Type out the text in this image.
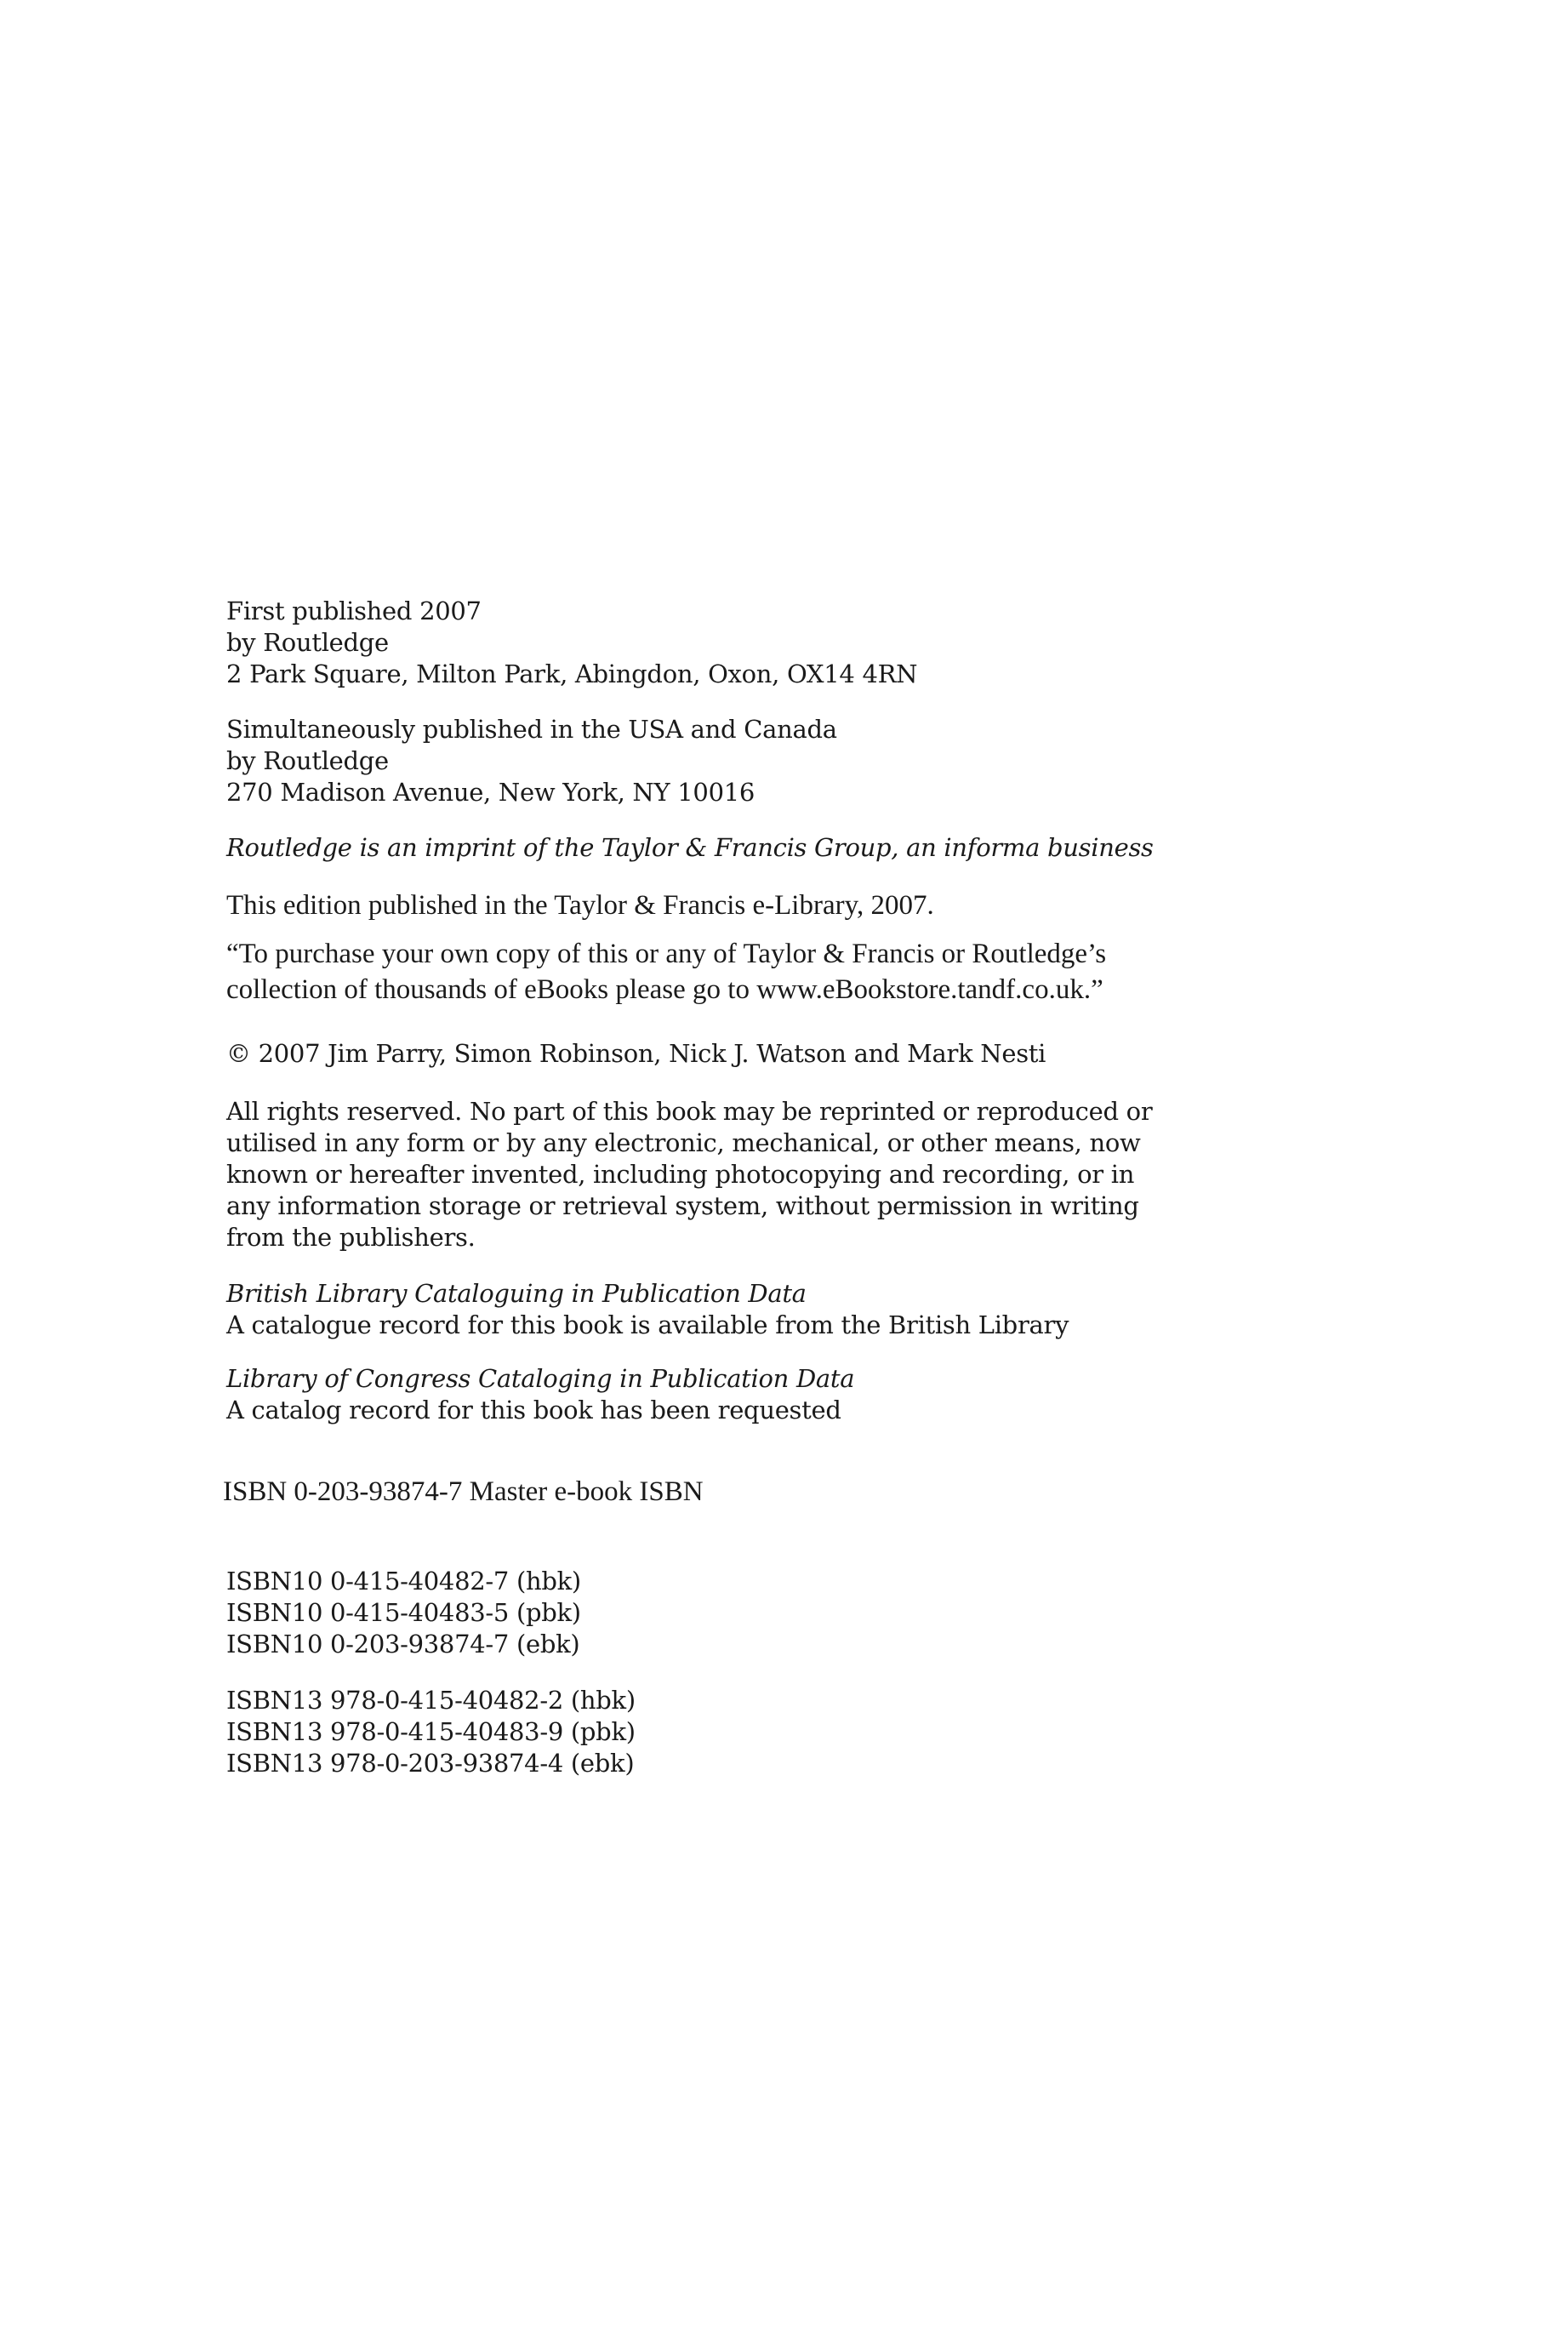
First published 2007
by Routledge
2 Park Square, Milton Park, Abingdon, Oxon, OX14 4RN
Simultaneously published in the USA and Canada
by Routledge
270 Madison Avenue, New York, NY 10016
Routledge is an imprint of the Taylor & Francis Group, an informa business
This edition published in the Taylor & Francis e-Library, 2007.
“To purchase your own copy of this or any of Taylor & Francis or Routledge’s
collection of thousands of eBooks please go to www.eBookstore.tandf.co.uk.”
© 2007 Jim Parry, Simon Robinson, Nick J. Watson and Mark Nesti
All rights reserved. No part of this book may be reprinted or reproduced or
utilised in any form or by any electronic, mechanical, or other means, now
known or hereafter invented, including photocopying and recording, or in
any information storage or retrieval system, without permission in writing
from the publishers.
British Library Cataloguing in Publication Data
A catalogue record for this book is available from the British Library
Library of Congress Cataloging in Publication Data
A catalog record for this book has been requested
ISBN 0-203-93874-7 Master e-book ISBN
ISBN10 0-415-40482-7 (hbk)
ISBN10 0-415-40483-5 (pbk)
ISBN10 0-203-93874-7 (ebk)
ISBN13 978-0-415-40482-2 (hbk)
ISBN13 978-0-415-40483-9 (pbk)
ISBN13 978-0-203-93874-4 (ebk)
